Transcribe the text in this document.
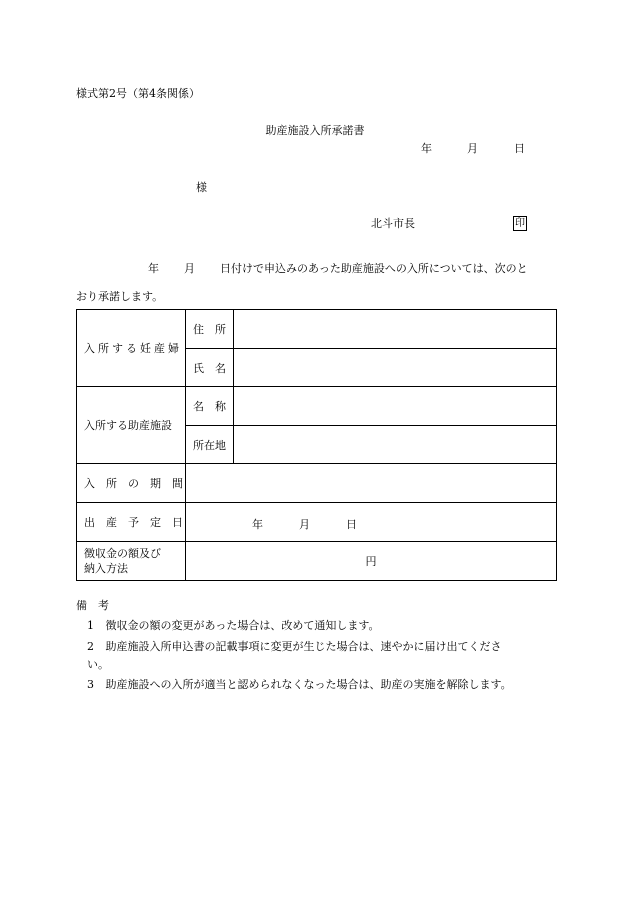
様式第2号（第4条関係）
助産施設入所承諾書
年	月	日
様
北斗市長	印
年 月 日付けで申込みのあった助産施設への入所については、次のと
おり承諾します。
入所する妊産婦	住　所	
	氏　名	
入所する助産施設	名　称	
	所在地	
入　所　の　期　間		
出　産　予　定　日	年 月 日	

徴収金の額及び
納入方法	円	
備　考
1 徴収金の額の変更があった場合は、改めて通知します。
2 助産施設入所申込書の記載事項に変更が生じた場合は、速やかに届け出てくださ
い。
3 助産施設への入所が適当と認められなくなった場合は、助産の実施を解除します。
